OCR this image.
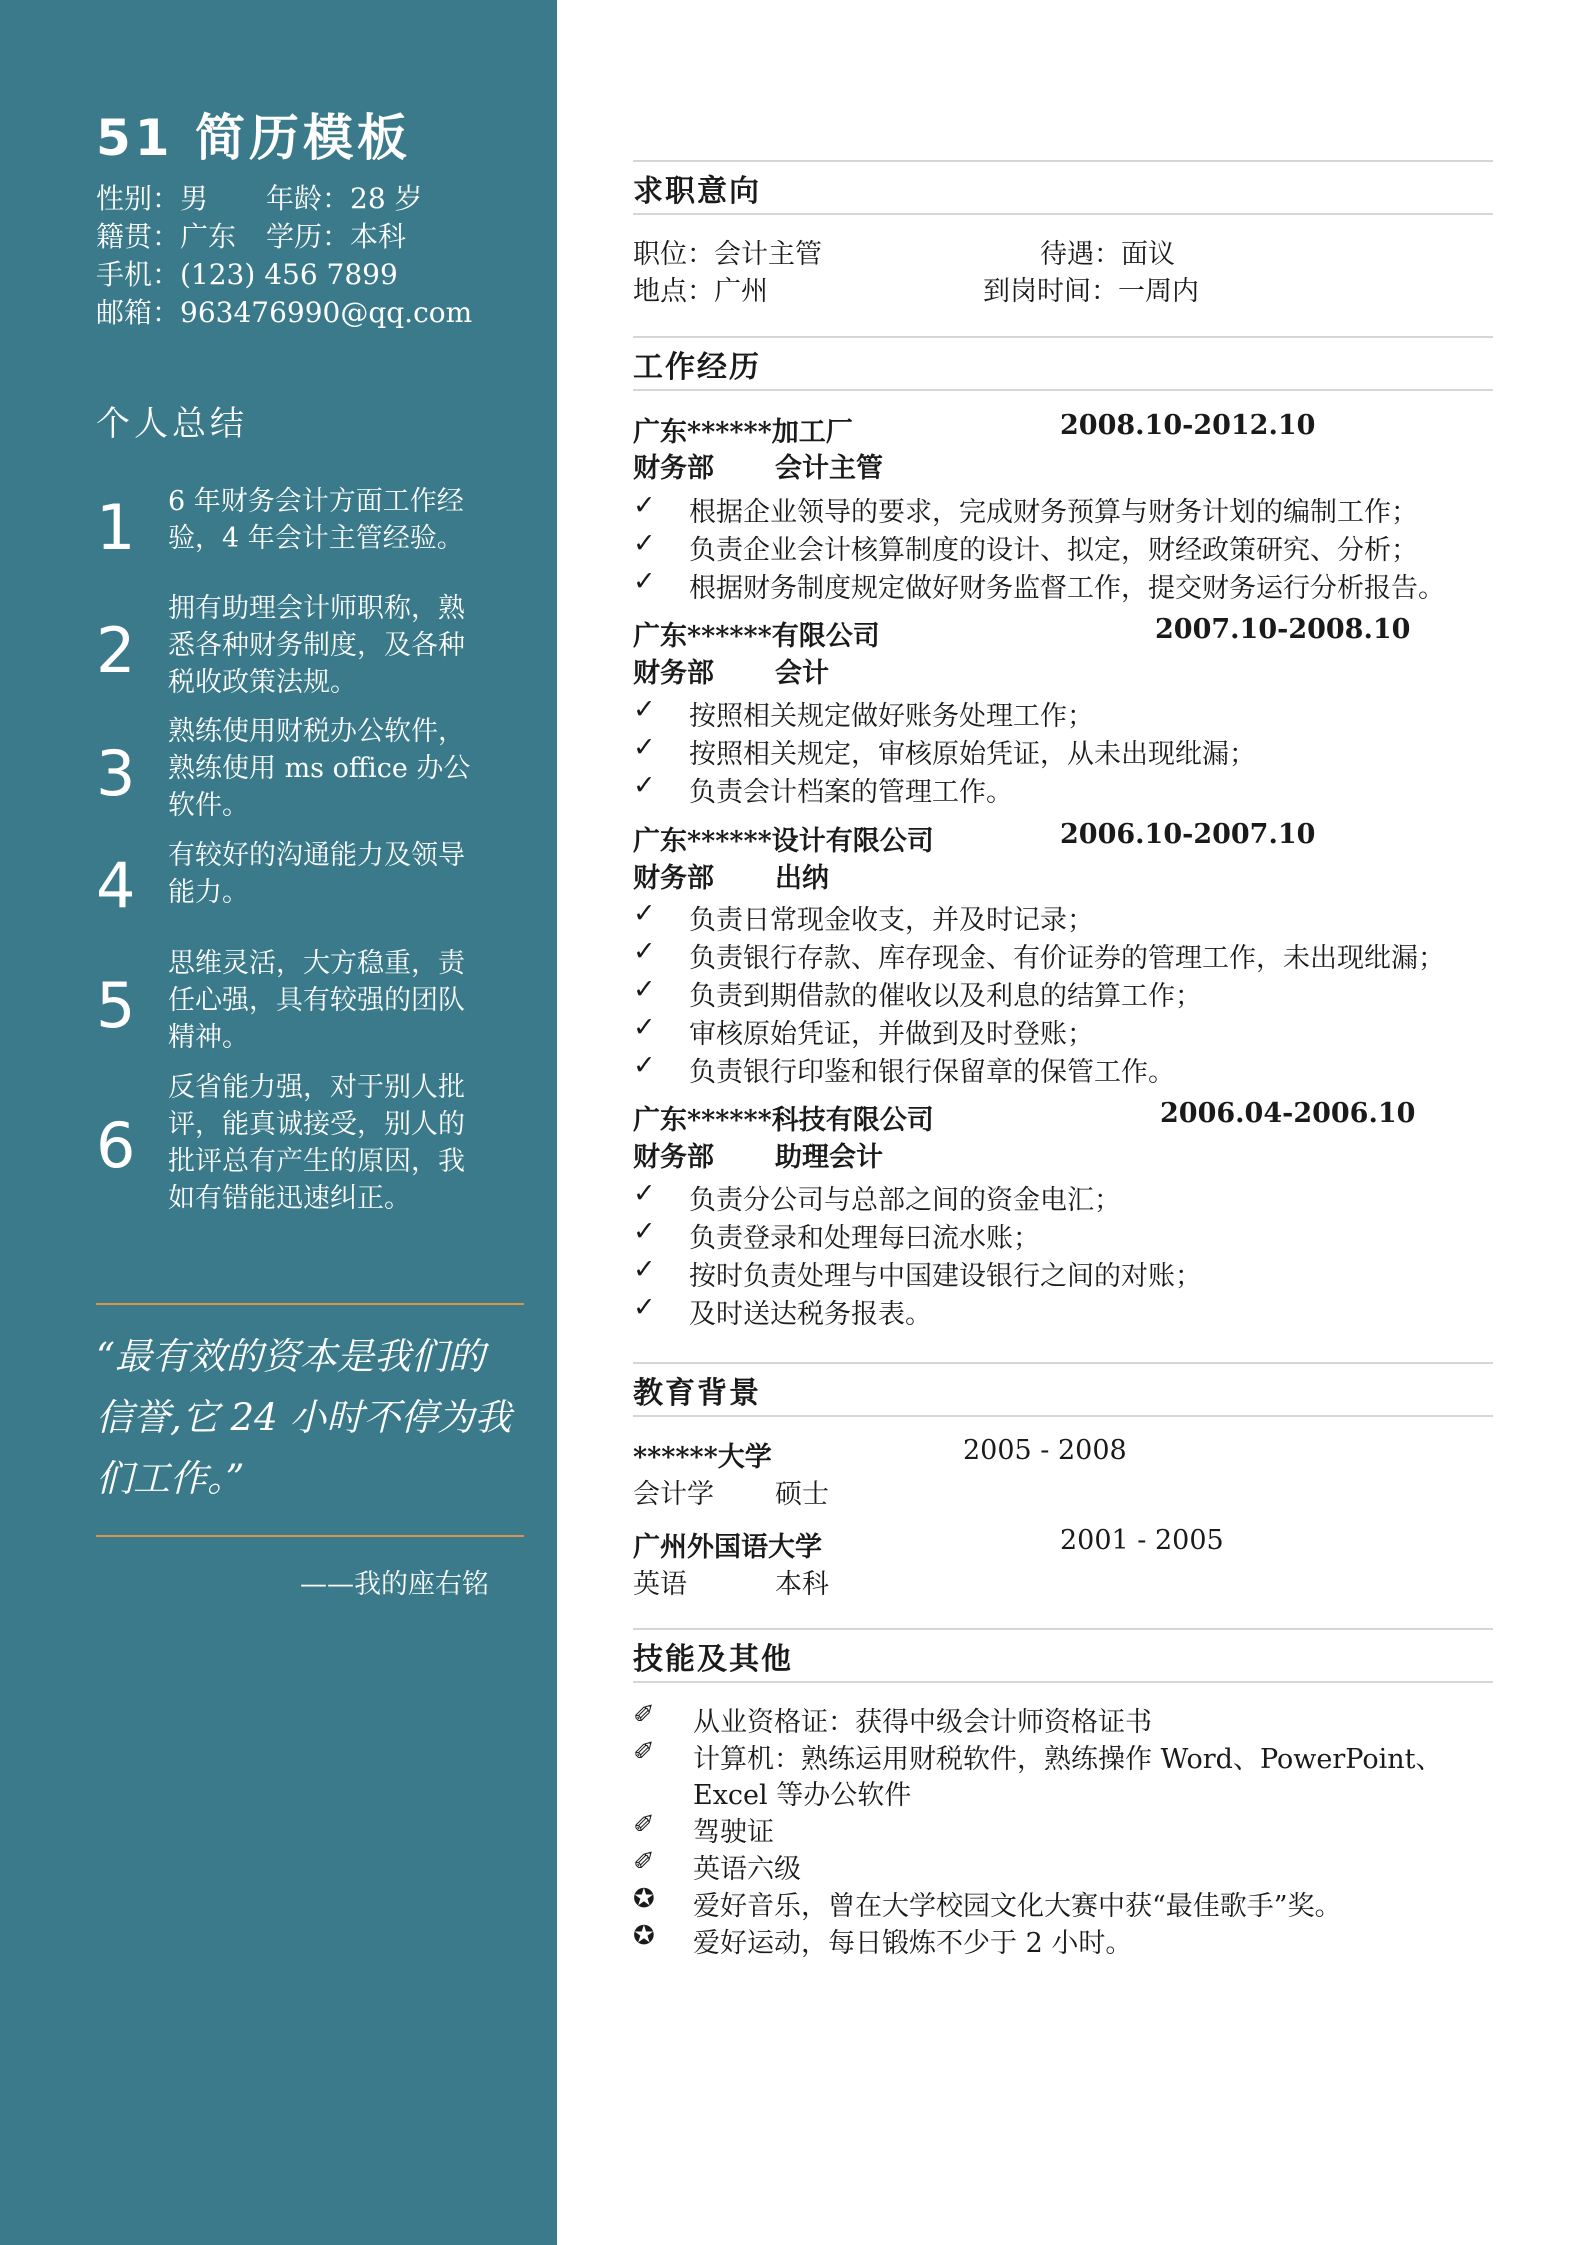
51 简历模板
性别：男 年龄：28 岁
籍贯：广东 学历：本科
手机：(123) 456 7899
邮箱：963476990@qq.com
个人总结
1	6 年财务会计方面工作经
验，4 年会计主管经验。
2
拥有助理会计师职称，熟
悉各种财务制度，及各种
税收政策法规。
3
熟练使用财税办公软件，
熟练使用 ms office 办公
软件。
4	有较好的沟通能力及领导
能力。
5
思维灵活，大方稳重，责
任心强，具有较强的团队
精神。
6
反省能力强，对于别人批
评，能真诚接受，别人的
批评总有产生的原因，我
如有错能迅速纠正。
“最有效的资本是我们的
信誉,它 24 小时不停为我
们工作。”
——我的座右铭
求职意向
职位：会计主管	待遇：面议
地点：广州	到岗时间：一周内
工作经历
广东******加工厂	2008.10-2012.10
财务部 会计主管
✓ 根据企业领导的要求，完成财务预算与财务计划的编制工作；
✓ 负责企业会计核算制度的设计、拟定，财经政策研究、分析；
✓ 根据财务制度规定做好财务监督工作，提交财务运行分析报告。
广东******有限公司	2007.10-2008.10
财务部 会计
✓ 按照相关规定做好账务处理工作；
✓ 按照相关规定，审核原始凭证，从未出现纰漏；
✓ 负责会计档案的管理工作。
广东******设计有限公司	2006.10-2007.10
财务部 出纳
✓ 负责日常现金收支，并及时记录；
✓ 负责银行存款、库存现金、有价证券的管理工作，未出现纰漏；
✓ 负责到期借款的催收以及利息的结算工作；
✓ 审核原始凭证，并做到及时登账；
✓ 负责银行印鉴和银行保留章的保管工作。
广东******科技有限公司	2006.04-2006.10
财务部 助理会计
✓ 负责分公司与总部之间的资金电汇；
✓ 负责登录和处理每曰流水账；
✓ 按时负责处理与中国建设银行之间的对账；
✓ 及时送达税务报表。
教育背景
******大学	2005 - 2008
会计学 硕士
广州外国语大学	2001 - 2005
英语	本科
技能及其他
✐ 从业资格证：获得中级会计师资格证书
✐ 计算机：熟练运用财税软件，熟练操作 Word、PowerPoint、
Excel 等办公软件
✐ 驾驶证
✐ 英语六级
✪ 爱好音乐，曾在大学校园文化大赛中获“最佳歌手”奖。
✪ 爱好运动，每日锻炼不少于 2 小时。
